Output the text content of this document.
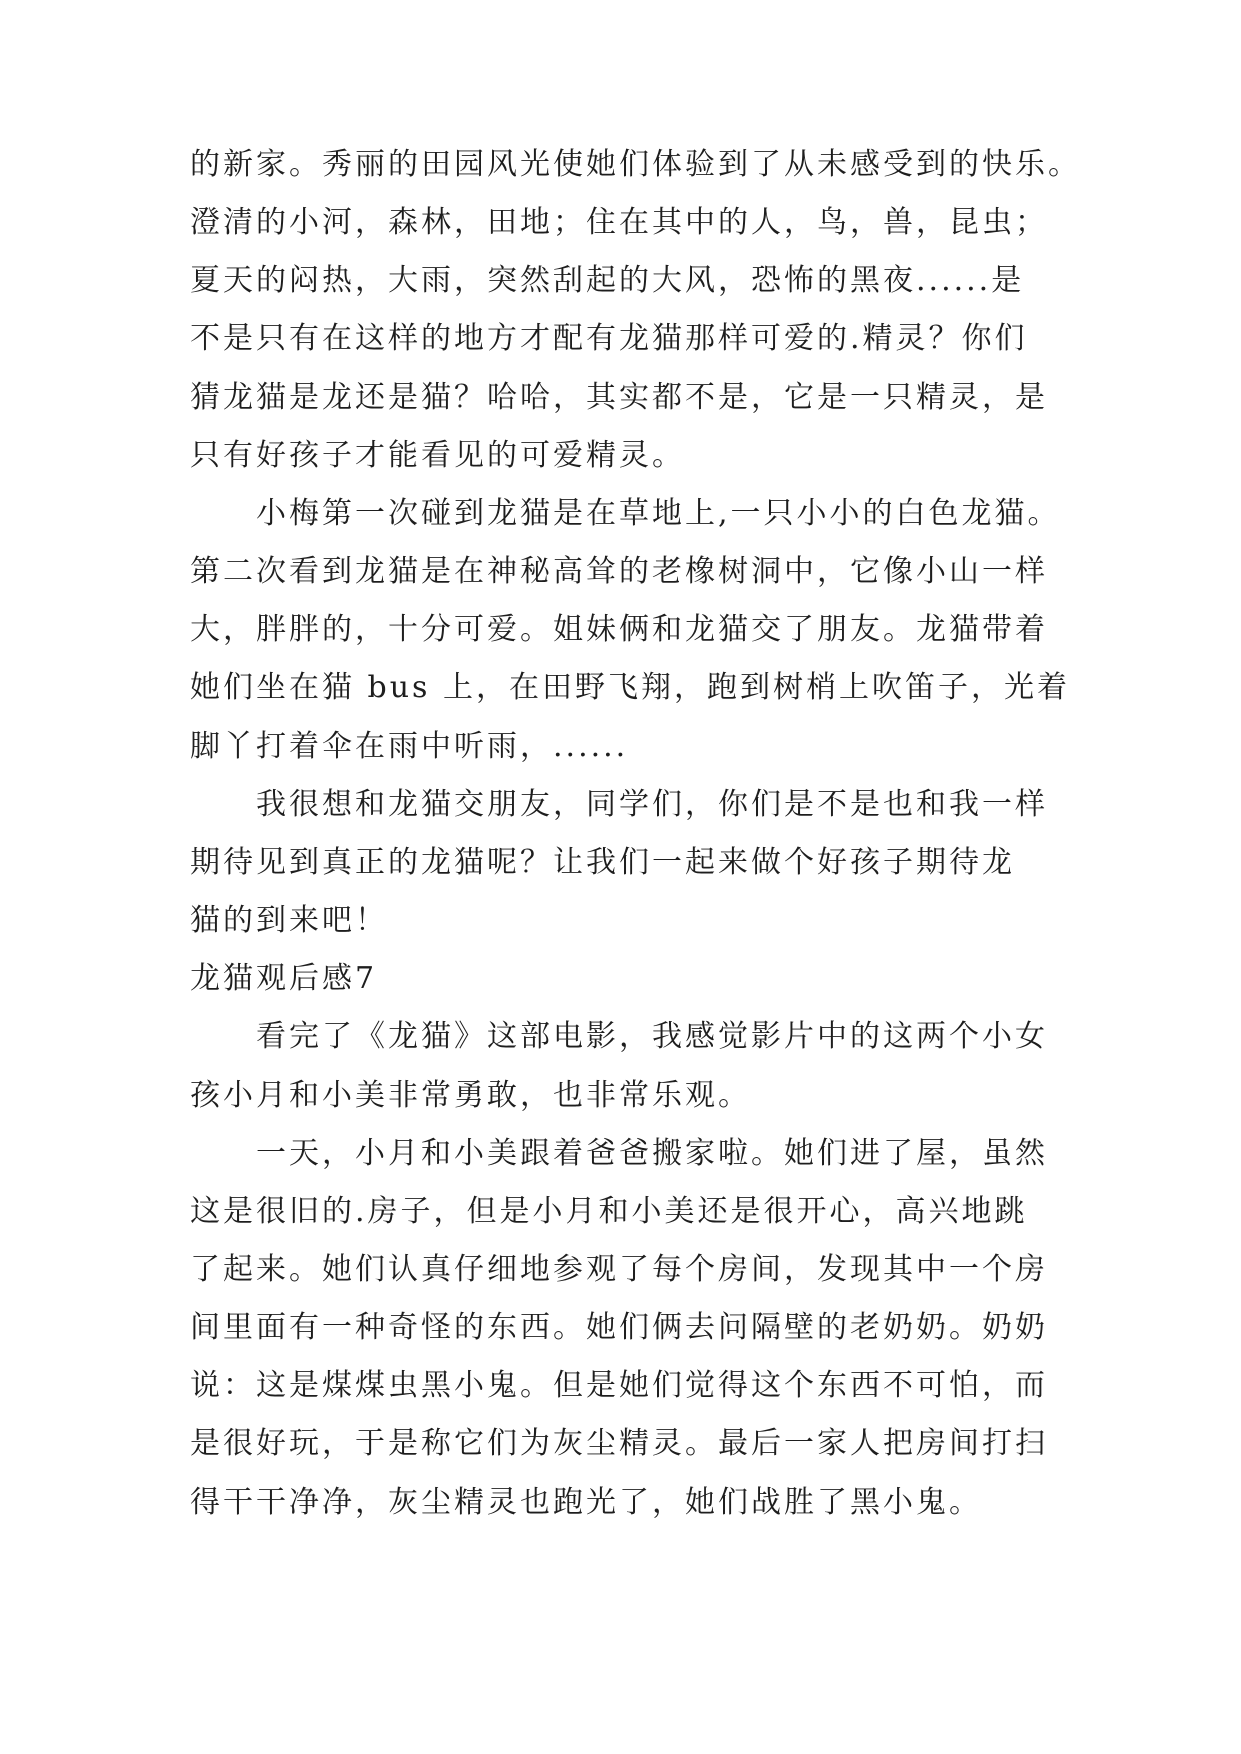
的新家。秀丽的田园风光使她们体验到了从未感受到的快乐。
澄清的小河，森林，田地；住在其中的人，鸟，兽，昆虫；
夏天的闷热，大雨，突然刮起的大风，恐怖的黑夜......是
不是只有在这样的地方才配有龙猫那样可爱的.精灵？你们
猜龙猫是龙还是猫？哈哈，其实都不是，它是一只精灵，是
只有好孩子才能看见的可爱精灵。
小梅第一次碰到龙猫是在草地上,一只小小的白色龙猫。
第二次看到龙猫是在神秘高耸的老橡树洞中，它像小山一样
大，胖胖的，十分可爱。姐妹俩和龙猫交了朋友。龙猫带着
她们坐在猫 bus 上，在田野飞翔，跑到树梢上吹笛子，光着
脚丫打着伞在雨中听雨，......
我很想和龙猫交朋友，同学们，你们是不是也和我一样
期待见到真正的龙猫呢？让我们一起来做个好孩子期待龙
猫的到来吧！
龙猫观后感7
看完了《龙猫》这部电影，我感觉影片中的这两个小女
孩小月和小美非常勇敢，也非常乐观。
一天，小月和小美跟着爸爸搬家啦。她们进了屋，虽然
这是很旧的.房子，但是小月和小美还是很开心，高兴地跳
了起来。她们认真仔细地参观了每个房间，发现其中一个房
间里面有一种奇怪的东西。她们俩去问隔壁的老奶奶。奶奶
说：这是煤煤虫黑小鬼。但是她们觉得这个东西不可怕，而
是很好玩，于是称它们为灰尘精灵。最后一家人把房间打扫
得干干净净，灰尘精灵也跑光了，她们战胜了黑小鬼。
